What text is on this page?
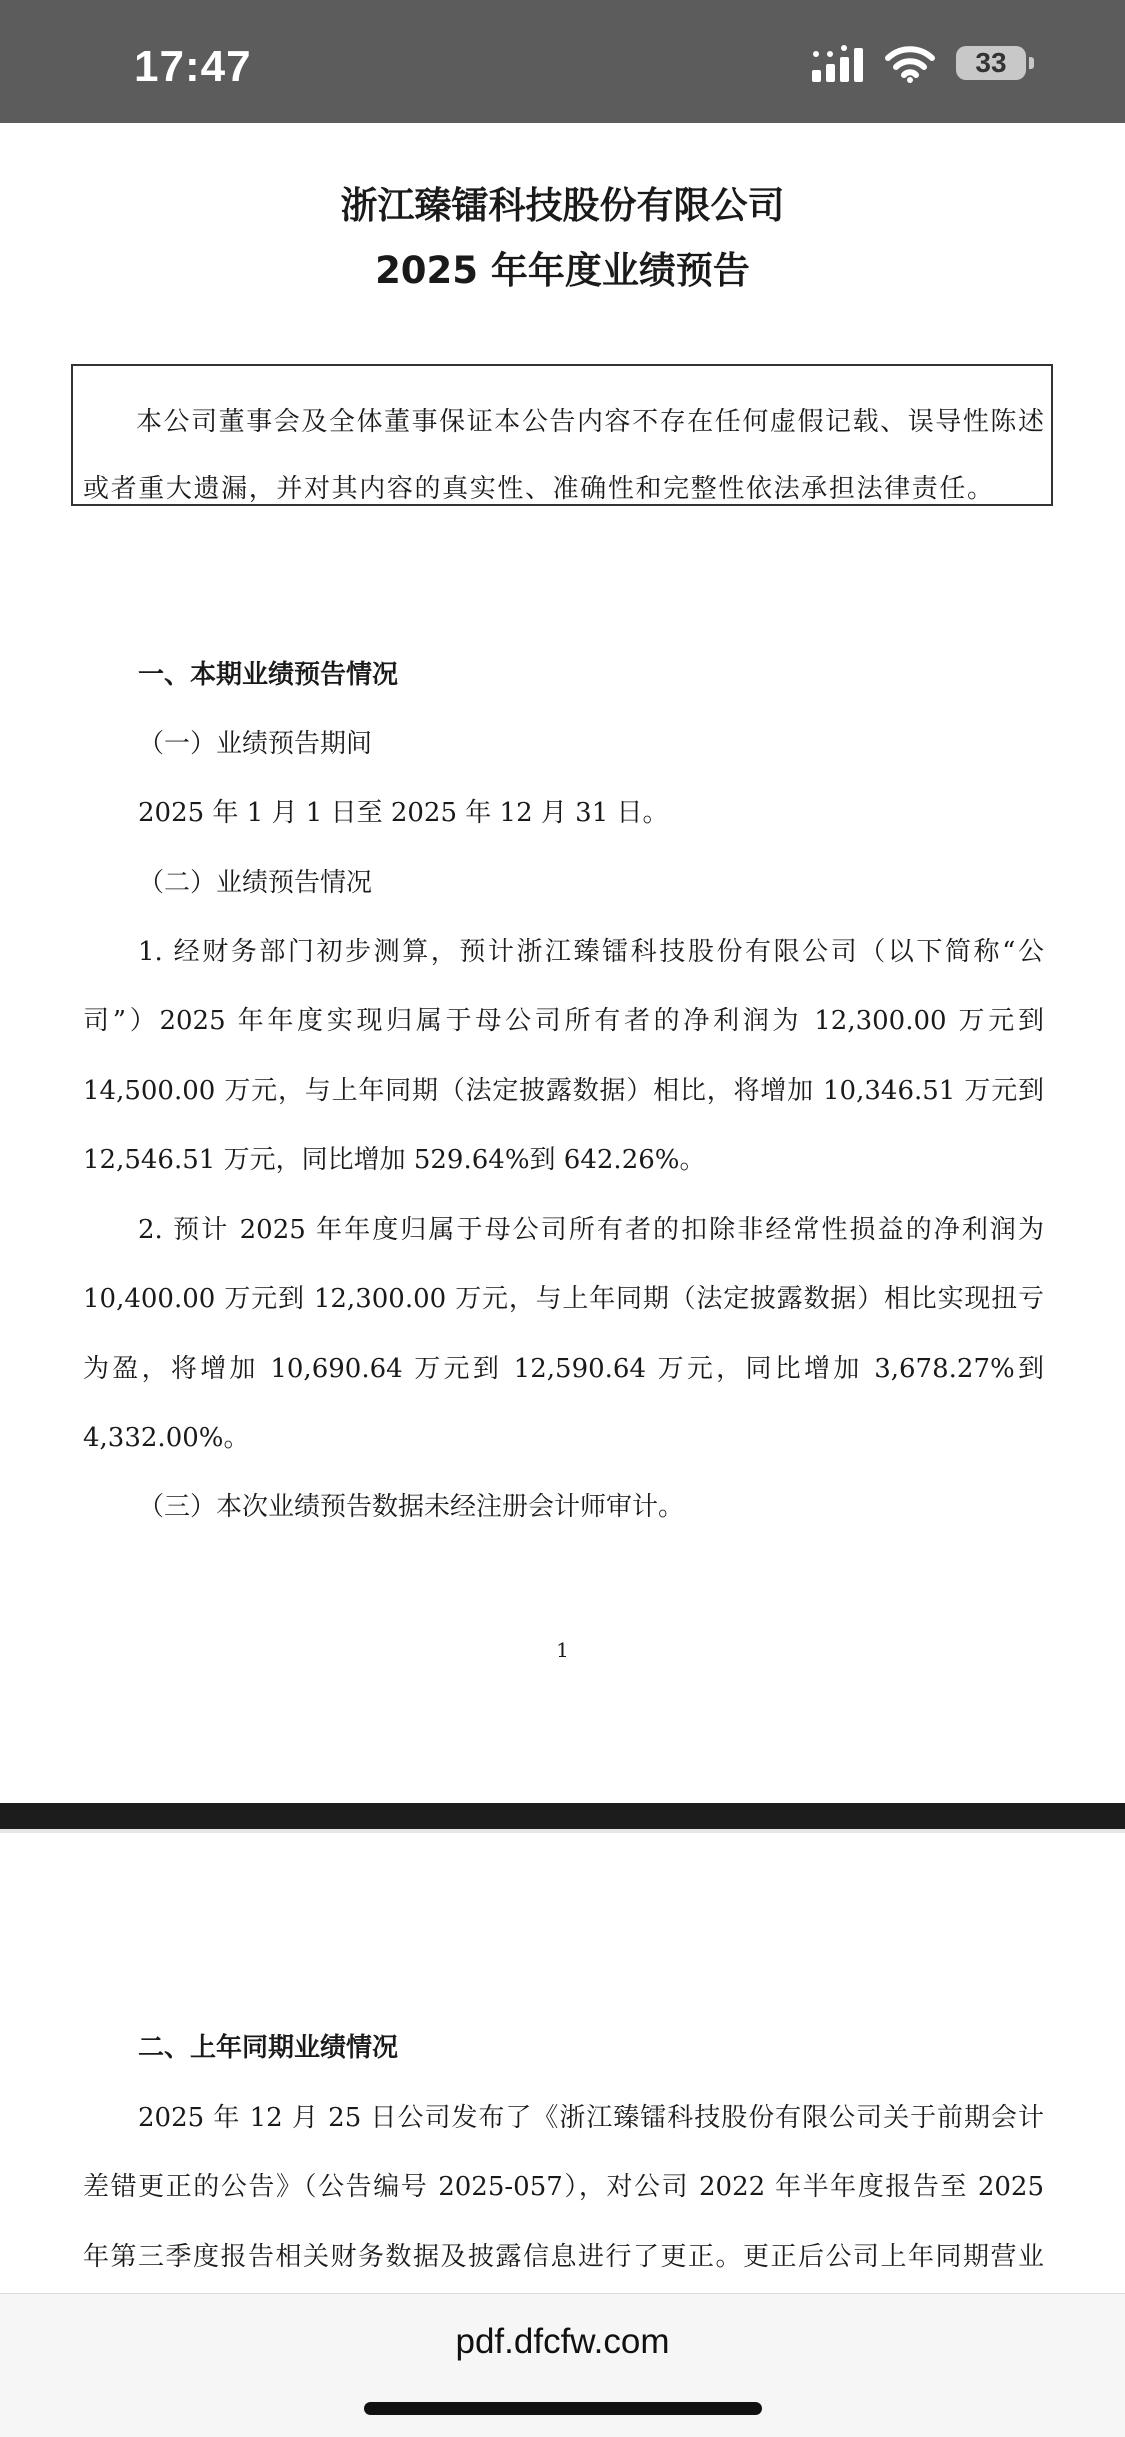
17:47	33
浙江臻镭科技股份有限公司
2025 年年度业绩预告
本公司董事会及全体董事保证本公告内容不存在任何虚假记载、误导性陈述
或者重大遗漏，并对其内容的真实性、准确性和完整性依法承担法律责任。
一、本期业绩预告情况
（一）业绩预告期间
2025 年 1 月 1 日至 2025 年 12 月 31 日。
（二）业绩预告情况
1. 经财务部门初步测算，预计浙江臻镭科技股份有限公司（以下简称“公
司”）2025 年年度实现归属于母公司所有者的净利润为 12,300.00 万元到
14,500.00 万元，与上年同期（法定披露数据）相比，将增加 10,346.51 万元到
12,546.51 万元，同比增加 529.64%到 642.26%。
2. 预计 2025 年年度归属于母公司所有者的扣除非经常性损益的净利润为
10,400.00 万元到 12,300.00 万元，与上年同期（法定披露数据）相比实现扭亏
为盈，将增加 10,690.64 万元到 12,590.64 万元，同比增加 3,678.27%到
4,332.00%。
（三）本次业绩预告数据未经注册会计师审计。
1
二、上年同期业绩情况
2025 年 12 月 25 日公司发布了《浙江臻镭科技股份有限公司关于前期会计
差错更正的公告》（公告编号 2025-057），对公司 2022 年半年度报告至 2025
年第三季度报告相关财务数据及披露信息进行了更正。更正后公司上年同期营业
pdf.dfcfw.com
